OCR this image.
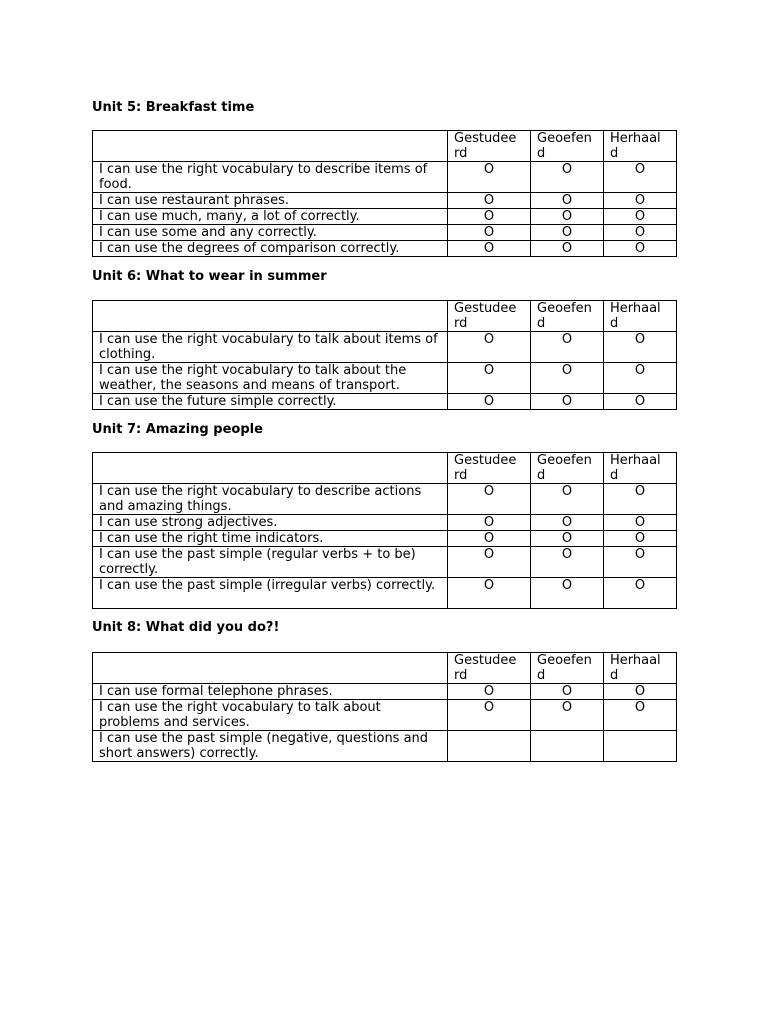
Unit 5: Breakfast time
	Gestudee rd	Geoefen d	Herhaal d
I can use the right vocabulary to describe items of food.	O	O	O
I can use restaurant phrases.	O	O	O
I can use much, many, a lot of correctly.	O	O	O
I can use some and any correctly.	O	O	O
I can use the degrees of comparison correctly.	O	O	O
Unit 6: What to wear in summer
	Gestudee rd	Geoefen d	Herhaal d
I can use the right vocabulary to talk about items of clothing.	O	O	O
I can use the right vocabulary to talk about the weather, the seasons and means of transport.	O	O	O
I can use the future simple correctly.	O	O	O
Unit 7: Amazing people
	Gestudee rd	Geoefen d	Herhaal d
I can use the right vocabulary to describe actions and amazing things.	O	O	O
I can use strong adjectives.	O	O	O
I can use the right time indicators.	O	O	O
I can use the past simple (regular verbs + to be) correctly.	O	O	O
I can use the past simple (irregular verbs) correctly.	O	O	O
Unit 8: What did you do?!
	Gestudee rd	Geoefen d	Herhaal d
I can use formal telephone phrases.	O	O	O
I can use the right vocabulary to talk about problems and services.	O	O	O
I can use the past simple (negative, questions and short answers) correctly.			
